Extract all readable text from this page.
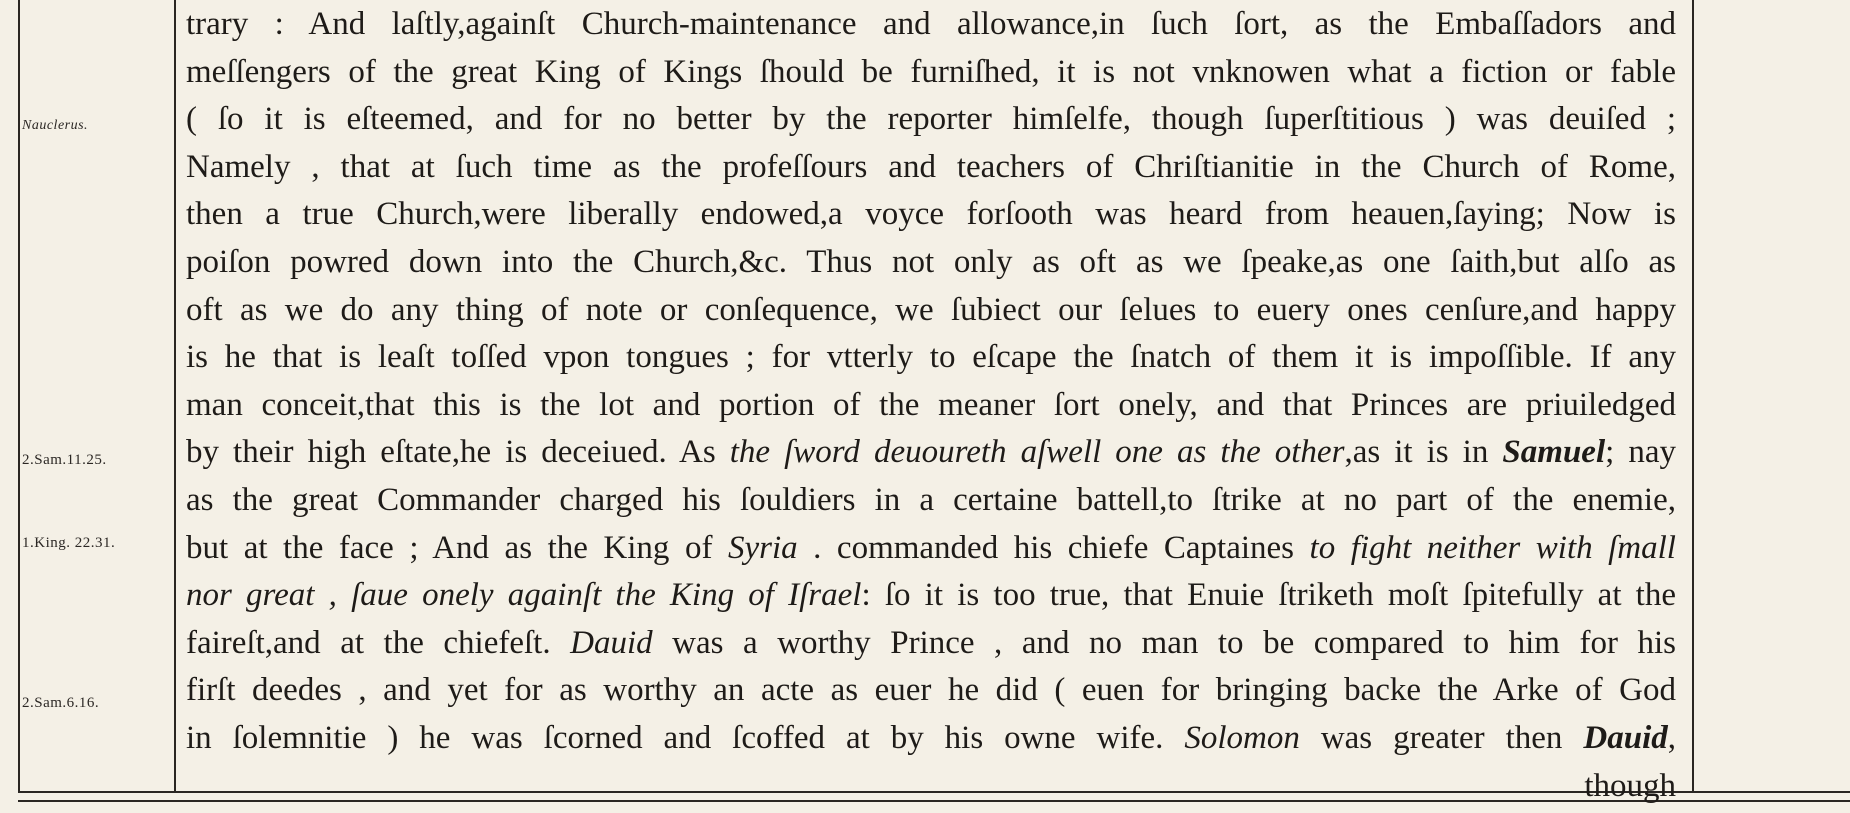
Nauclerus.
2.Sam.11.25.
1.King. 22.31.
2.Sam.6.16.
trary : And laſtly,againſt Church-maintenance and allowance,in ſuch ſort, as the Embaſſadors and
meſſengers of the great King of Kings ſhould be furniſhed, it is not vnknowen what a fiction or fable
( ſo it is eſteemed, and for no better by the reporter himſelfe, though ſuperſtitious ) was deuiſed ;
Namely , that at ſuch time as the profeſſours and teachers of Chriſtianitie in the Church of Rome,
then a true Church,were liberally endowed,a voyce forſooth was heard from heauen,ſaying; Now is
poiſon powred down into the Church,&c. Thus not only as oft as we ſpeake,as one ſaith,but alſo as
oft as we do any thing of note or conſequence, we ſubiect our ſelues to euery ones cenſure,and happy
is he that is leaſt toſſed vpon tongues ; for vtterly to eſcape the ſnatch of them it is impoſſible. If any
man conceit,that this is the lot and portion of the meaner ſort onely, and that Princes are priuiledged
by their high eſtate,he is deceiued. As the ſword deuoureth aſwell one as the other,as it is in Samuel; nay
as the great Commander charged his ſouldiers in a certaine battell,to ſtrike at no part of the enemie,
but at the face ; And as the King of Syria . commanded his chiefe Captaines to fight neither with ſmall
nor great , ſaue onely againſt the King of Iſrael: ſo it is too true, that Enuie ſtriketh moſt ſpitefully at the
faireſt,and at the chiefeſt. Dauid was a worthy Prince , and no man to be compared to him for his
firſt deedes , and yet for as worthy an acte as euer he did ( euen for bringing backe the Arke of God
in ſolemnitie ) he was ſcorned and ſcoffed at by his owne wife. Solomon was greater then Dauid,
though
